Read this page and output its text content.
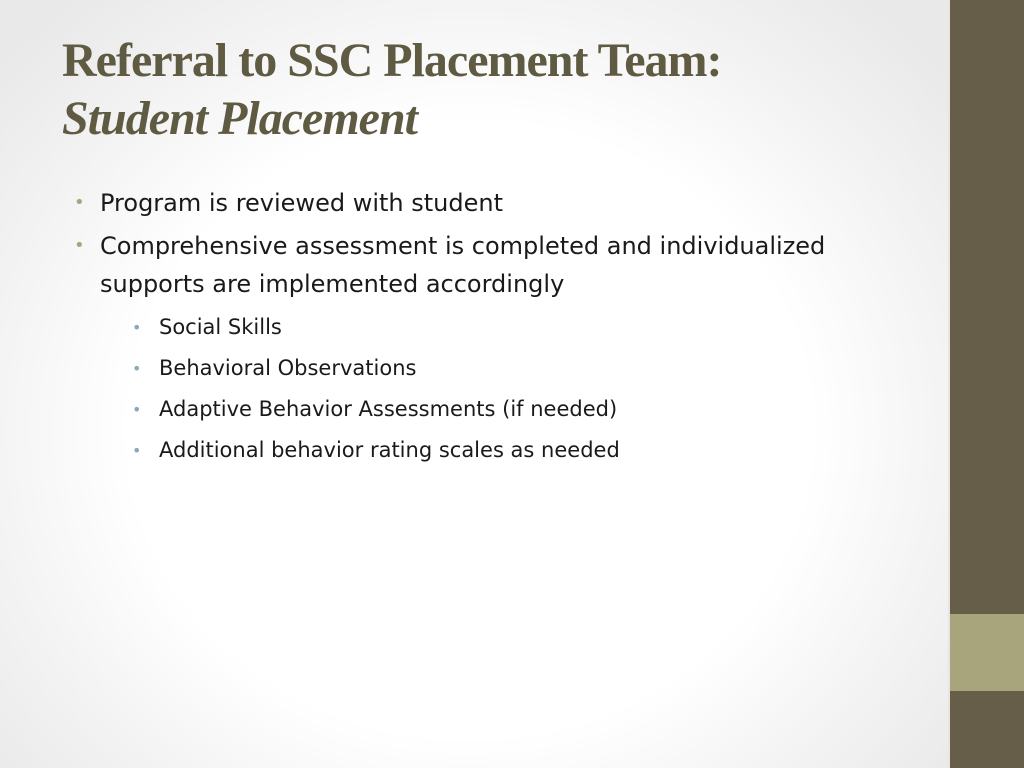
Referral to SSC Placement Team:
Student Placement
• Program is reviewed with student
• Comprehensive assessment is completed and individualized supports are implemented accordingly
• Social Skills
• Behavioral Observations
• Adaptive Behavior Assessments (if needed)
• Additional behavior rating scales as needed
